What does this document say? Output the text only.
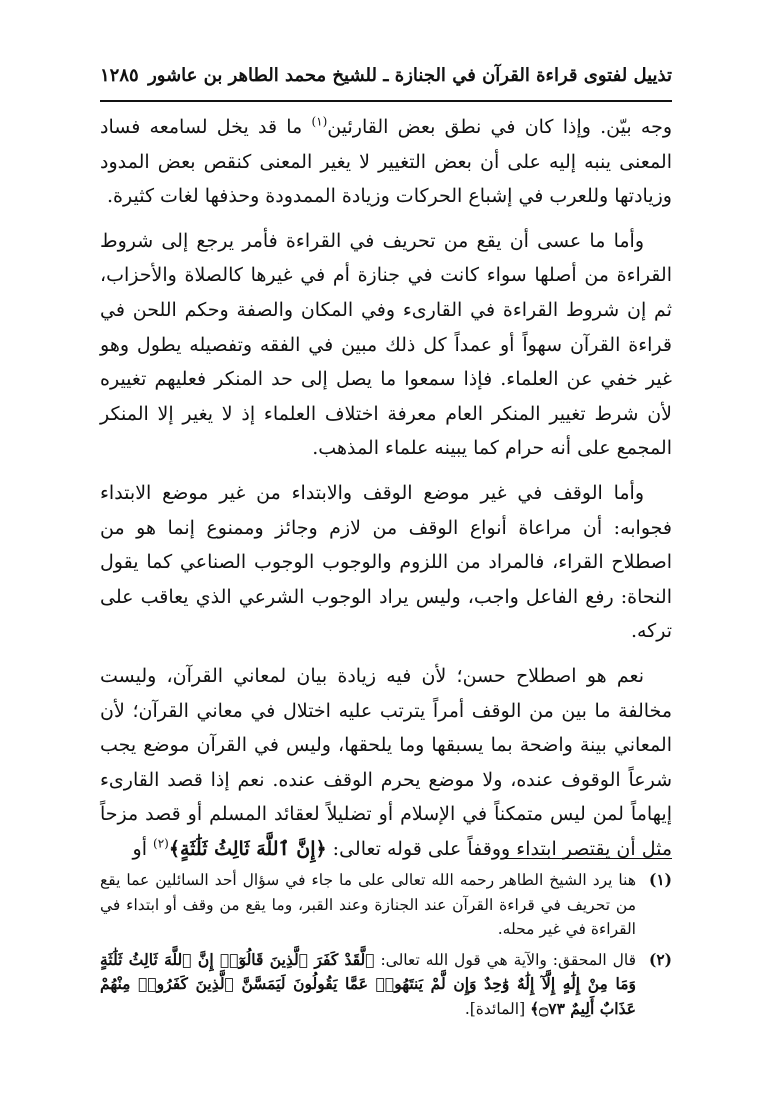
تذييل لفتوى قراءة القرآن في الجنازة ـ للشيخ محمد الطاهر بن عاشور
١٢٨٥

وجه بيّن. وإذا كان في نطق بعض القارئين$^{(١)}$ ما قد يخل لسامعه فساد المعنى ينبه إليه على أن بعض التغيير لا يغير المعنى كنقص بعض المدود وزيادتها وللعرب في إشباع الحركات وزيادة الممدودة وحذفها لغات كثيرة.

وأما ما عسى أن يقع من تحريف في القراءة فأمر يرجع إلى شروط القراءة من أصلها سواء كانت في جنازة أم في غيرها كالصلاة والأحزاب، ثم إن شروط القراءة في القارىء وفي المكان والصفة وحكم اللحن في قراءة القرآن سهواً أو عمداً كل ذلك مبين في الفقه وتفصيله يطول وهو غير خفي عن العلماء. فإذا سمعوا ما يصل إلى حد المنكر فعليهم تغييره لأن شرط تغيير المنكر العام معرفة اختلاف العلماء إذ لا يغير إلا المنكر المجمع على أنه حرام كما يبينه علماء المذهب.

وأما الوقف في غير موضع الوقف والابتداء من غير موضع الابتداء فجوابه: أن مراعاة أنواع الوقف من لازم وجائز وممنوع إنما هو من اصطلاح القراء، فالمراد من اللزوم والوجوب الوجوب الصناعي كما يقول النحاة: رفع الفاعل واجب، وليس يراد الوجوب الشرعي الذي يعاقب على تركه.

نعم هو اصطلاح حسن؛ لأن فيه زيادة بيان لمعاني القرآن، وليست مخالفة ما بين من الوقف أمراً يترتب عليه اختلال في معاني القرآن؛ لأن المعاني بينة واضحة بما يسبقها وما يلحقها، وليس في القرآن موضع يجب شرعاً الوقوف عنده، ولا موضع يحرم الوقف عنده. نعم إذا قصد القارىء إيهاماً لمن ليس متمكناً في الإسلام أو تضليلاً لعقائد المسلم أو قصد مزحاً مثل أن يقتصر ابتداء ووقفاً على قوله تعالى: ﴿إِنَّ ٱللَّهَ ثَالِثُ ثَلَٰثَةٍ﴾$^{(٢)}$ أو

(١)
هنا يرد الشيخ الطاهر رحمه الله تعالى على ما جاء في سؤال أحد السائلين عما يقع من تحريف في قراءة القرآن عند الجنازة وعند القبر، وما يقع من وقف أو ابتداء في القراءة في غير محله.
(٢)
قال المحقق: والآية هي قول الله تعالى: ﴿لَّقَدْ كَفَرَ ٱلَّذِينَ قَالُوٓا۟ إِنَّ ٱللَّهَ ثَالِثُ ثَلَٰثَةٍ وَمَا مِنْ إِلَٰهٍ إِلَّآ إِلَٰهٌ وَٰحِدٌ وَإِن لَّمْ يَنتَهُوا۟ عَمَّا يَقُولُونَ لَيَمَسَّنَّ ٱلَّذِينَ كَفَرُوا۟ مِنْهُمْ عَذَابٌ أَلِيمٌ ۝٧٣﴾ [المائدة].
